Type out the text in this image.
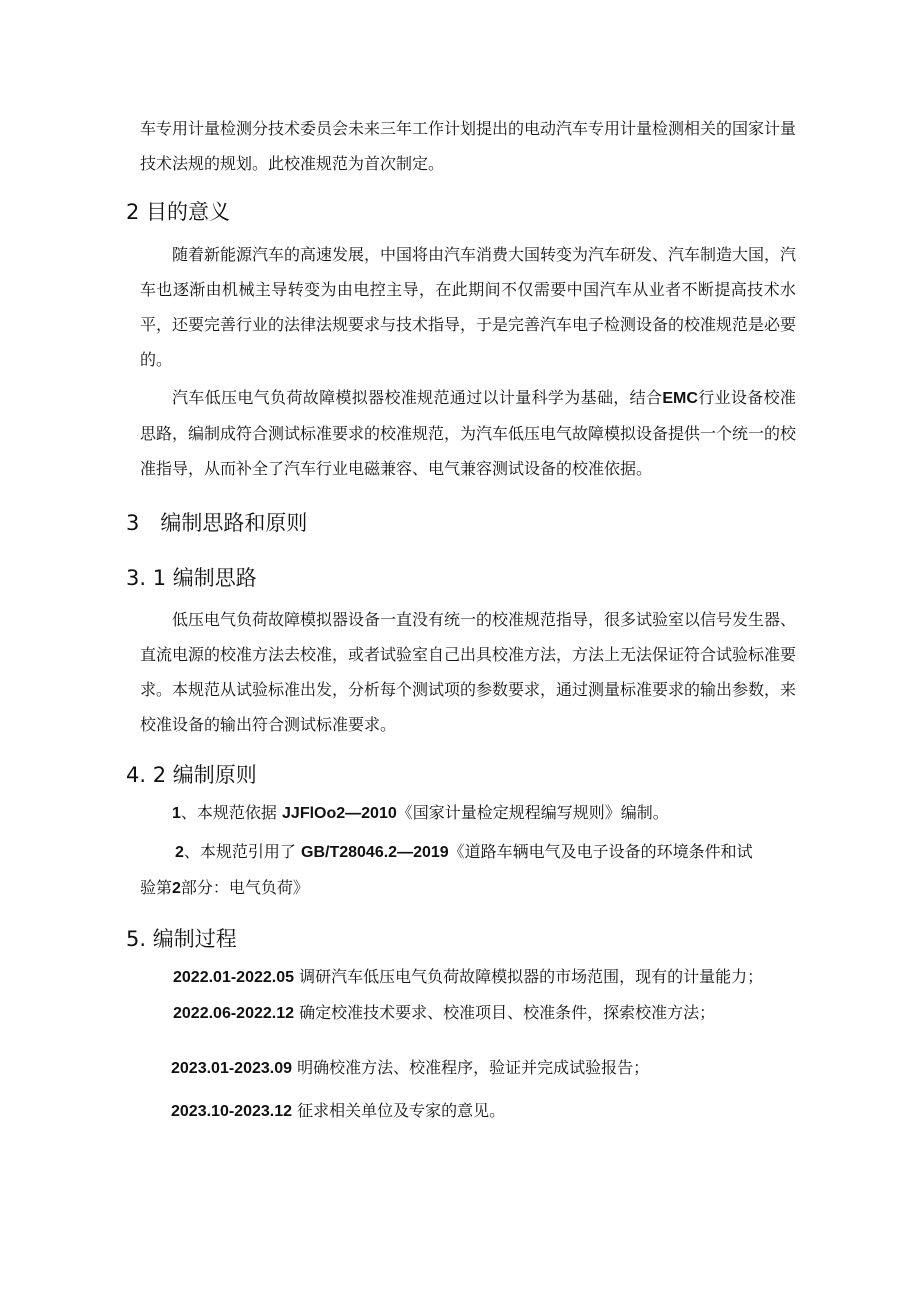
车专用计量检测分技术委员会未来三年工作计划提出的电动汽车专用计量检测相关的国家计量技术法规的规划。此校准规范为首次制定。

2 目的意义

随着新能源汽车的高速发展，中国将由汽车消费大国转变为汽车研发、汽车制造大国，汽车也逐渐由机械主导转变为由电控主导，在此期间不仅需要中国汽车从业者不断提高技术水平，还要完善行业的法律法规要求与技术指导，于是完善汽车电子检测设备的校准规范是必要的。

汽车低压电气负荷故障模拟器校准规范通过以计量科学为基础，结合EMC行业设备校准思路，编制成符合测试标准要求的校准规范，为汽车低压电气故障模拟设备提供一个统一的校准指导，从而补全了汽车行业电磁兼容、电气兼容测试设备的校准依据。

3　编制思路和原则
3. 1 编制思路

低压电气负荷故障模拟器设备一直没有统一的校准规范指导，很多试验室以信号发生器、直流电源的校准方法去校准，或者试验室自己出具校准方法，方法上无法保证符合试验标准要求。本规范从试验标准出发，分析每个测试项的参数要求，通过测量标准要求的输出参数，来校准设备的输出符合测试标准要求。

4. 2 编制原则

1、本规范依据 JJFlOo2—2010《国家计量检定规程编写规则》编制。

2、本规范引用了 GB/T28046.2—2019《道路车辆电气及电子设备的环境条件和试

验第2部分：电气负荷》

5. 编制过程

2022.01-2022.05 调研汽车低压电气负荷故障模拟器的市场范围，现有的计量能力；

2022.06-2022.12 确定校准技术要求、校准项目、校准条件，探索校准方法；

2023.01-2023.09 明确校准方法、校准程序，验证并完成试验报告；

2023.10-2023.12 征求相关单位及专家的意见。
